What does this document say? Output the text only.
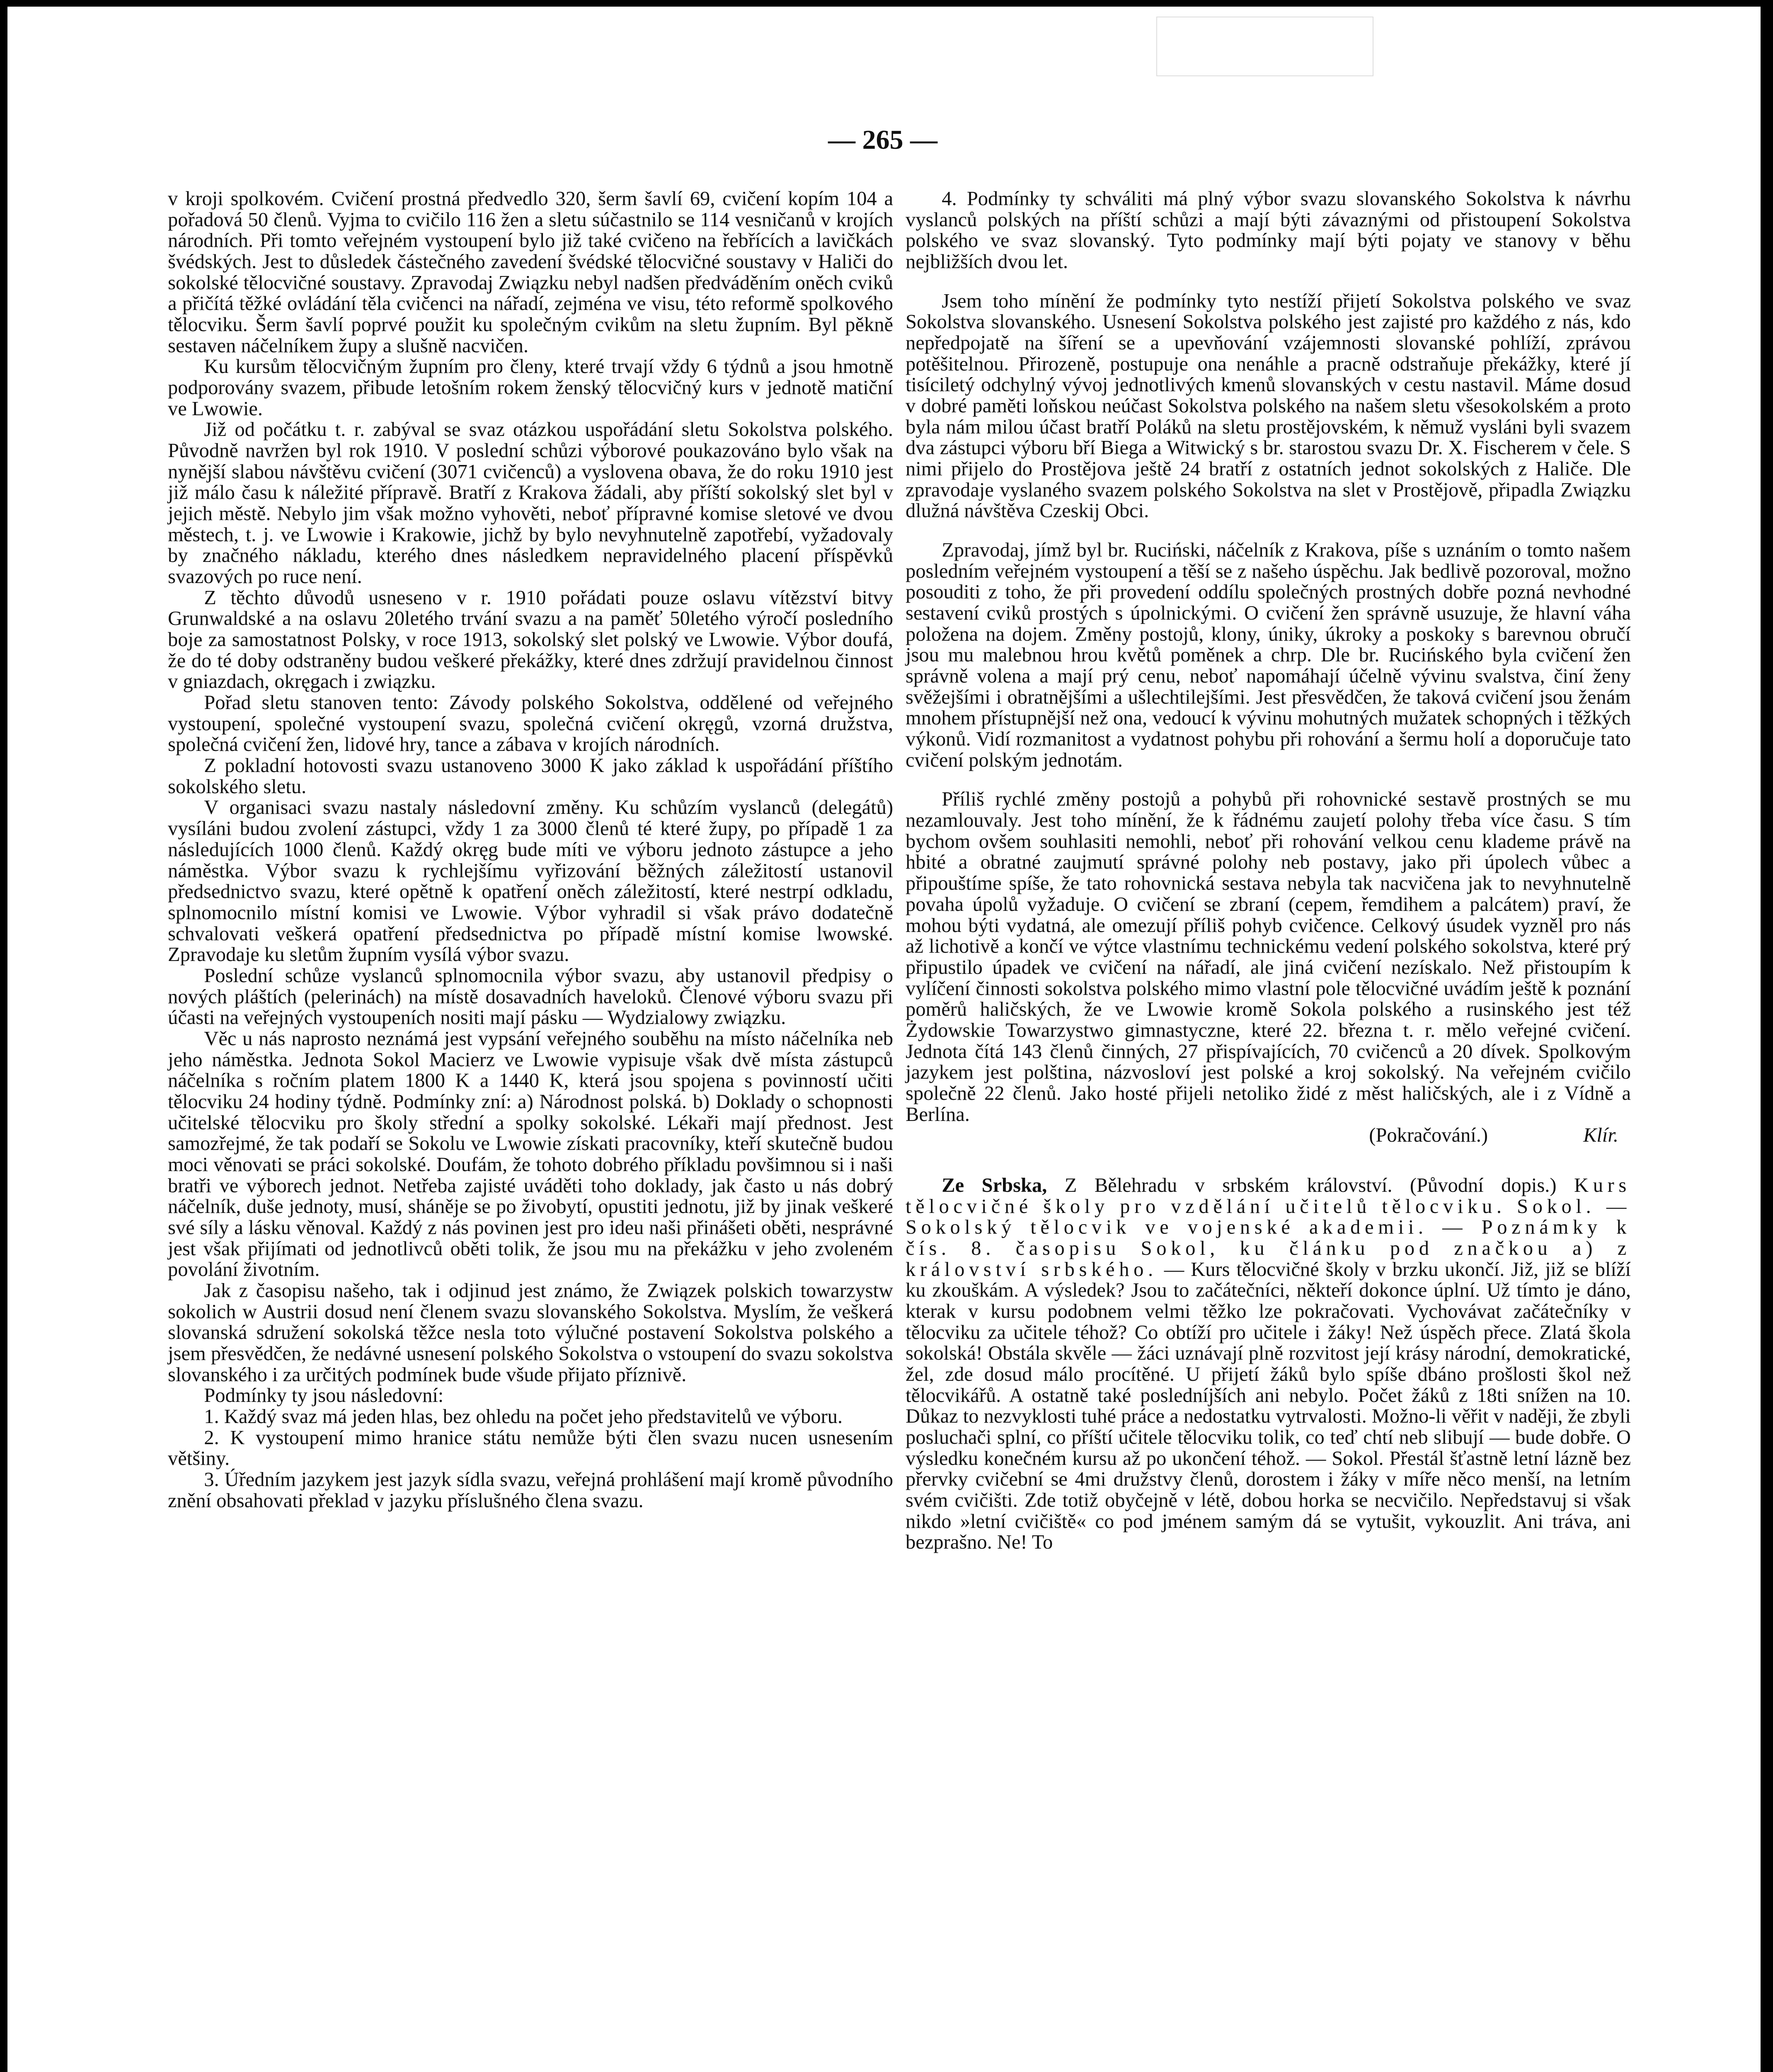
— 265 —

v kroji spolkovém. Cvičení prostná předvedlo 320, šerm šavlí 69, cvičení kopím 104 a pořadová 50 členů. Vyjma to cvičilo 116 žen a sletu súčastnilo se 114 vesničanů v krojích národních. Při tomto veřejném vystoupení bylo již také cvičeno na řebřících a lavičkách švédských. Jest to důsledek částečného zavedení švédské tělocvičné soustavy v Haliči do sokolské tělocvičné soustavy. Zpravodaj Związku nebyl nadšen předváděním oněch cviků a přičítá těžké ovládání těla cvičenci na nářadí, zejména ve visu, této reformě spolkového tělocviku. Šerm šavlí poprvé použit ku společným cvikům na sletu župním. Byl pěkně sestaven náčelníkem župy a slušně nacvičen.

Ku kursům tělocvičným župním pro členy, které trvají vždy 6 týdnů a jsou hmotně podporovány svazem, přibude letošním rokem ženský tělocvičný kurs v jednotě matiční ve Lwowie.

Již od počátku t. r. zabýval se svaz otázkou uspořádání sletu Sokolstva polského. Původně navržen byl rok 1910. V poslední schůzi výborové poukazováno bylo však na nynější slabou návštěvu cvičení (3071 cvičenců) a vyslovena obava, že do roku 1910 jest již málo času k náležité přípravě. Bratří z Krakova žádali, aby příští sokolský slet byl v jejich městě. Nebylo jim však možno vyhověti, neboť přípravné komise sletové ve dvou městech, t. j. ve Lwowie i Krakowie, jichž by bylo nevyhnutelně zapotřebí, vyžadovaly by značného nákladu, kterého dnes následkem nepravidelného placení příspěvků svazových po ruce není.

Z těchto důvodů usneseno v r. 1910 pořádati pouze oslavu vítězství bitvy Grunwaldské a na oslavu 20letého trvání svazu a na paměť 50letého výročí posledního boje za samostatnost Polsky, v roce 1913, sokolský slet polský ve Lwowie. Výbor doufá, že do té doby odstraněny budou veškeré překážky, které dnes zdržují pravidelnou činnost v gniazdach, okręgach i związku.

Pořad sletu stanoven tento: Závody polského Sokolstva, oddělené od veřejného vystoupení, společné vystoupení svazu, společná cvičení okręgů, vzorná družstva, společná cvičení žen, lidové hry, tance a zábava v krojích národních.

Z pokladní hotovosti svazu ustanoveno 3000 K jako základ k uspořádání příštího sokolského sletu.

V organisaci svazu nastaly následovní změny. Ku schůzím vyslanců (delegátů) vysíláni budou zvolení zástupci, vždy 1 za 3000 členů té které župy, po případě 1 za následujících 1000 členů. Každý okręg bude míti ve výboru jednoto zástupce a jeho náměstka. Výbor svazu k rychlejšímu vyřizování běžných záležitostí ustanovil předsednictvo svazu, které opětně k opatření oněch záležitostí, které nestrpí odkladu, splnomocnilo místní komisi ve Lwowie. Výbor vyhradil si však právo dodatečně schvalovati veškerá opatření předsednictva po případě místní komise lwowské. Zpravodaje ku sletům župním vysílá výbor svazu.

Poslední schůze vyslanců splnomocnila výbor svazu, aby ustanovil předpisy o nových pláštích (pelerinách) na místě dosavadních haveloků. Členové výboru svazu při účasti na veřejných vystoupeních nositi mají pásku — Wydzialowy związku.

Věc u nás naprosto neznámá jest vypsání veřejného souběhu na místo náčelníka neb jeho náměstka. Jednota Sokol Macierz ve Lwowie vypisuje však dvě místa zástupců náčelníka s ročním platem 1800 K a 1440 K, která jsou spojena s povinností učiti tělocviku 24 hodiny týdně. Podmínky zní: a) Národnost polská. b) Doklady o schopnosti učitelské tělocviku pro školy střední a spolky sokolské. Lékaři mají přednost. Jest samozřejmé, že tak podaří se Sokolu ve Lwowie získati pracovníky, kteří skutečně budou moci věnovati se práci sokolské. Doufám, že tohoto dobrého příkladu povšimnou si i naši bratři ve výborech jednot. Netřeba zajisté uváděti toho doklady, jak často u nás dobrý náčelník, duše jednoty, musí, sháněje se po živobytí, opustiti jednotu, již by jinak veškeré své síly a lásku věnoval. Každý z nás povinen jest pro ideu naši přinášeti oběti, nesprávné jest však přijímati od jednotlivců oběti tolik, že jsou mu na překážku v jeho zvoleném povolání životním.

Jak z časopisu našeho, tak i odjinud jest známo, že Związek polskich towarzystw sokolich w Austrii dosud není členem svazu slovanského Sokolstva. Myslím, že veškerá slovanská sdružení sokolská těžce nesla toto výlučné postavení Sokolstva polského a jsem přesvědčen, že nedávné usnesení polského Sokolstva o vstoupení do svazu sokolstva slovanského i za určitých podmínek bude všude přijato příznivě.

Podmínky ty jsou následovní:

1. Každý svaz má jeden hlas, bez ohledu na počet jeho představitelů ve výboru.

2. K vystoupení mimo hranice státu nemůže býti člen svazu nucen usnesením většiny.

3. Úředním jazykem jest jazyk sídla svazu, veřejná prohlášení mají kromě původního znění obsahovati překlad v jazyku příslušného člena svazu.

4. Podmínky ty schváliti má plný výbor svazu slovanského Sokolstva k návrhu vyslanců polských na příští schůzi a mají býti závaznými od přistoupení Sokolstva polského ve svaz slovanský. Tyto podmínky mají býti pojaty ve stanovy v běhu nejbližších dvou let.

Jsem toho mínění že podmínky tyto nestíží přijetí Sokolstva polského ve svaz Sokolstva slovanského. Usnesení Sokolstva polského jest zajisté pro každého z nás, kdo nepředpojatě na šíření se a upevňování vzájemnosti slovanské pohlíží, zprávou potěšitelnou. Přirozeně, postupuje ona nenáhle a pracně odstraňuje překážky, které jí tisíciletý odchylný vývoj jednotlivých kmenů slovanských v cestu nastavil. Máme dosud v dobré paměti loňskou neúčast Sokolstva polského na našem sletu všesokolském a proto byla nám milou účast bratří Poláků na sletu prostějovském, k němuž vysláni byli svazem dva zástupci výboru bří Biega a Witwický s br. starostou svazu Dr. X. Fischerem v čele. S nimi přijelo do Prostějova ještě 24 bratří z ostatních jednot sokolských z Haliče. Dle zpravodaje vyslaného svazem polského Sokolstva na slet v Prostějově, připadla Związku dlužná návštěva Czeskij Obci.

Zpravodaj, jímž byl br. Ruciński, náčelník z Krakova, píše s uznáním o tomto našem posledním veřejném vystoupení a těší se z našeho úspěchu. Jak bedlivě pozoroval, možno posouditi z toho, že při provedení oddílu společných prostných dobře pozná nevhodné sestavení cviků prostých s úpolnickými. O cvičení žen správně usuzuje, že hlavní váha položena na dojem. Změny postojů, klony, úniky, úkroky a poskoky s barevnou obručí jsou mu malebnou hrou květů poměnek a chrp. Dle br. Rucińského byla cvičení žen správně volena a mají prý cenu, neboť napomáhají účelně vývinu svalstva, činí ženy svěžejšími i obratnějšími a ušlechtilejšími. Jest přesvědčen, že taková cvičení jsou ženám mnohem přístupnější než ona, vedoucí k vývinu mohutných mužatek schopných i těžkých výkonů. Vidí rozmanitost a vydatnost pohybu při rohování a šermu holí a doporučuje tato cvičení polským jednotám.

Příliš rychlé změny postojů a pohybů při rohovnické sestavě prostných se mu nezamlouvaly. Jest toho mínění, že k řádnému zaujetí polohy třeba více času. S tím bychom ovšem souhlasiti nemohli, neboť při rohování velkou cenu klademe právě na hbité a obratné zaujmutí správné polohy neb postavy, jako při úpolech vůbec a připouštíme spíše, že tato rohovnická sestava nebyla tak nacvičena jak to nevyhnutelně povaha úpolů vyžaduje. O cvičení se zbraní (cepem, řemdihem a palcátem) praví, že mohou býti vydatná, ale omezují příliš pohyb cvičence. Celkový úsudek vyzněl pro nás až lichotivě a končí ve výtce vlastnímu technickému vedení polského sokolstva, které prý připustilo úpadek ve cvičení na nářadí, ale jiná cvičení nezískalo. Než přistoupím k vylíčení činnosti sokolstva polského mimo vlastní pole tělocvičné uvádím ještě k poznání poměrů haličských, že ve Lwowie kromě Sokola polského a rusinského jest též Żydowskie Towarzystwo gimnastyczne, které 22. března t. r. mělo veřejné cvičení. Jednota čítá 143 členů činných, 27 přispívajících, 70 cvičenců a 20 dívek. Spolkovým jazykem jest polština, názvosloví jest polské a kroj sokolský. Na veřejném cvičilo společně 22 členů. Jako hosté přijeli netoliko židé z měst haličských, ale i z Vídně a Berlína.

(Pokračování.)	Klír.

Ze Srbska, Z Bělehradu v srbském království. (Původní dopis.) Kurs tělocvičné školy pro vzdělání učitelů tělocviku. Sokol. — Sokolský tělocvik ve vojenské akademii. — Poznámky k čís. 8. časopisu Sokol, ku článku pod značkou a) z království srbského. — Kurs tělocvičné školy v brzku ukončí. Již, již se blíží ku zkouškám. A výsledek? Jsou to začátečníci, někteří dokonce úplní. Už tímto je dáno, kterak v kursu podobnem velmi těžko lze pokračovati. Vychovávat začátečníky v tělocviku za učitele téhož? Co obtíží pro učitele i žáky! Než úspěch přece. Zlatá škola sokolská! Obstála skvěle — žáci uznávají plně rozvitost její krásy národní, demokratické, žel, zde dosud málo procítěné. U přijetí žáků bylo spíše dbáno prošlosti škol než tělocvikářů. A ostatně také posledníjších ani nebylo. Počet žáků z 18ti snížen na 10. Důkaz to nezvyklosti tuhé práce a nedostatku vytrvalosti. Možno-li věřit v naději, že zbyli posluchači splní, co příští učitele tělocviku tolik, co teď chtí neb slibují — bude dobře. O výsledku konečném kursu až po ukončení téhož. — Sokol. Přestál šťastně letní lázně bez přervky cvičební se 4mi družstvy členů, dorostem i žáky v míře něco menší, na letním svém cvičišti. Zde totiž obyčejně v létě, dobou horka se necvičilo. Nepředstavuj si však nikdo »letní cvičiště« co pod jménem samým dá se vytušit, vykouzlit. Ani tráva, ani bezprašno. Ne! To
